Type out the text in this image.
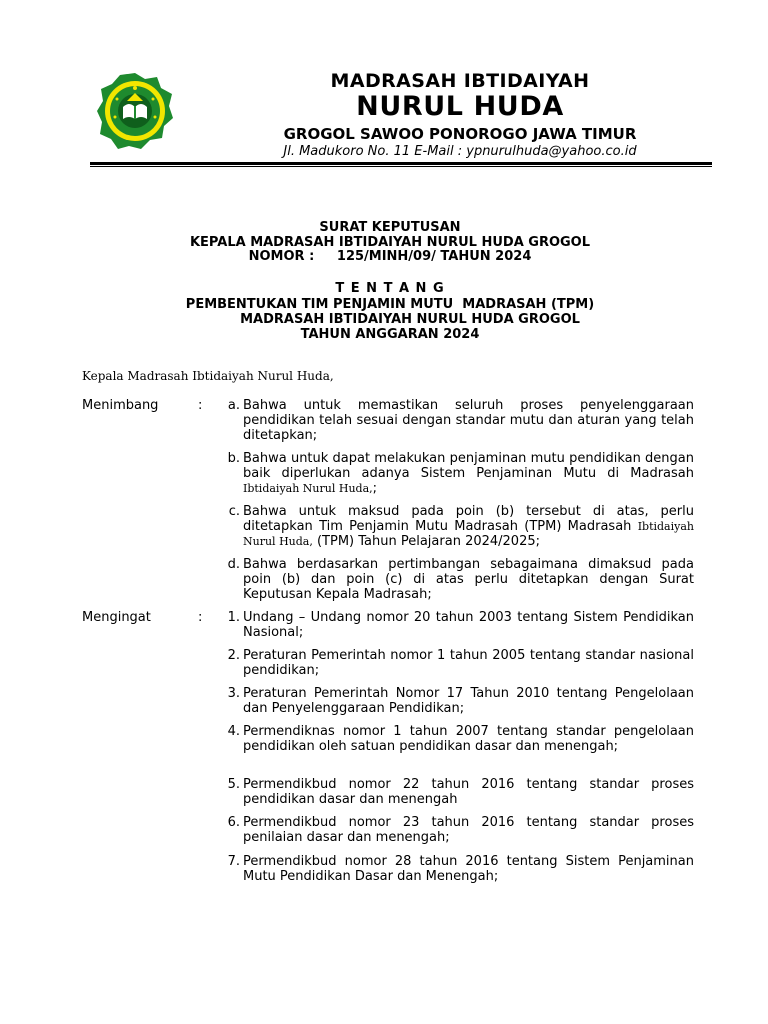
MADRASAH IBTIDAIYAH
NURUL HUDA
GROGOL SAWOO PONOROGO JAWA TIMUR
Jl. Madukoro No. 11 E-Mail : ypnurulhuda@yahoo.co.id
SURAT KEPUTUSAN
KEPALA MADRASAH IBTIDAIYAH NURUL HUDA GROGOL
NOMOR :     125/MINH/09/ TAHUN 2024
T E N T A N G
PEMBENTUKAN TIM PENJAMIN MUTU  MADRASAH (TPM)
MADRASAH IBTIDAIYAH NURUL HUDA GROGOL
TAHUN ANGGARAN 2024
Kepala Madrasah Ibtidaiyah Nurul Huda,
Menimbang	:	a. Bahwa untuk memastikan seluruh proses penyelenggaraan pendidikan telah sesuai dengan standar mutu dan aturan yang telah ditetapkan;
b. Bahwa untuk dapat melakukan penjaminan mutu pendidikan dengan baik diperlukan adanya Sistem Penjaminan Mutu di Madrasah Ibtidaiyah Nurul Huda,;
c. Bahwa untuk maksud pada poin (b) tersebut di atas, perlu ditetapkan Tim Penjamin Mutu Madrasah (TPM) Madrasah Ibtidaiyah Nurul Huda, (TPM) Tahun Pelajaran 2024/2025;
d. Bahwa berdasarkan pertimbangan sebagaimana dimaksud pada poin (b) dan poin (c) di atas perlu ditetapkan dengan Surat Keputusan Kepala Madrasah;
Mengingat	:	1. Undang – Undang nomor 20 tahun 2003 tentang Sistem Pendidikan Nasional;
2. Peraturan Pemerintah nomor 1 tahun 2005 tentang standar nasional pendidikan;
3. Peraturan Pemerintah Nomor 17 Tahun 2010 tentang Pengelolaan dan Penyelenggaraan Pendidikan;
4. Permendiknas nomor 1 tahun 2007 tentang standar pengelolaan pendidikan oleh satuan pendidikan dasar dan menengah;
5. Permendikbud nomor 22 tahun 2016 tentang standar proses pendidikan dasar dan menengah
6. Permendikbud nomor 23 tahun 2016 tentang standar proses penilaian dasar dan menengah;
7. Permendikbud nomor 28 tahun 2016 tentang Sistem Penjaminan Mutu Pendidikan Dasar dan Menengah;
